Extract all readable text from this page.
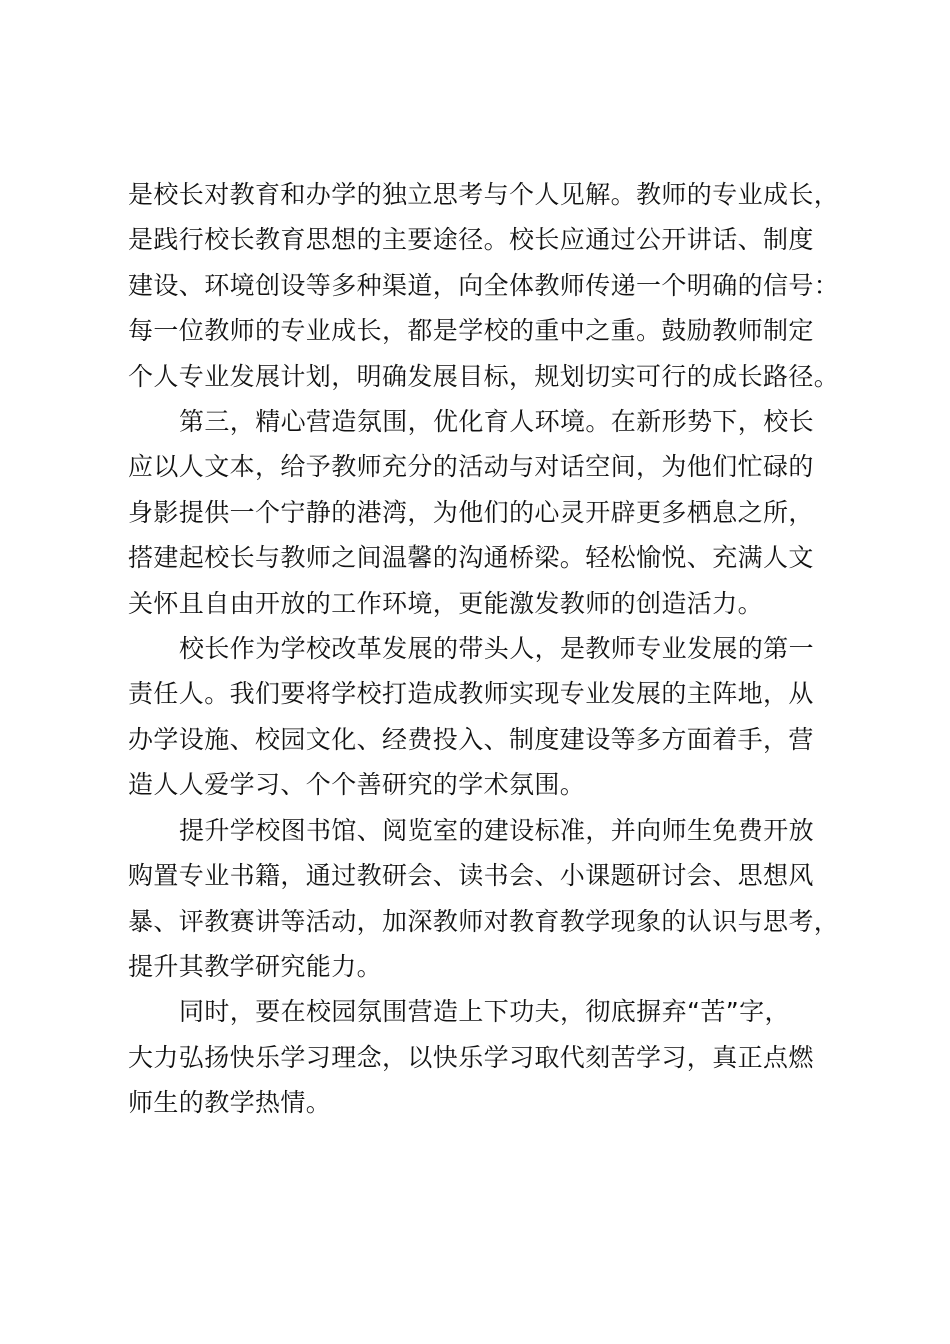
是校长对教育和办学的独立思考与个人见解。教师的专业成长，
是践行校长教育思想的主要途径。校长应通过公开讲话、制度
建设、环境创设等多种渠道，向全体教师传递一个明确的信号：
每一位教师的专业成长，都是学校的重中之重。鼓励教师制定
个人专业发展计划，明确发展目标，规划切实可行的成长路径。
第三，精心营造氛围，优化育人环境。在新形势下，校长
应以人文本，给予教师充分的活动与对话空间，为他们忙碌的
身影提供一个宁静的港湾，为他们的心灵开辟更多栖息之所，
搭建起校长与教师之间温馨的沟通桥梁。轻松愉悦、充满人文
关怀且自由开放的工作环境，更能激发教师的创造活力。
校长作为学校改革发展的带头人，是教师专业发展的第一
责任人。我们要将学校打造成教师实现专业发展的主阵地，从
办学设施、校园文化、经费投入、制度建设等多方面着手，营
造人人爱学习、个个善研究的学术氛围。
提升学校图书馆、阅览室的建设标准，并向师生免费开放
购置专业书籍，通过教研会、读书会、小课题研讨会、思想风
暴、评教赛讲等活动，加深教师对教育教学现象的认识与思考，
提升其教学研究能力。
同时，要在校园氛围营造上下功夫，彻底摒弃“苦”字，
大力弘扬快乐学习理念，以快乐学习取代刻苦学习，真正点燃
师生的教学热情。
